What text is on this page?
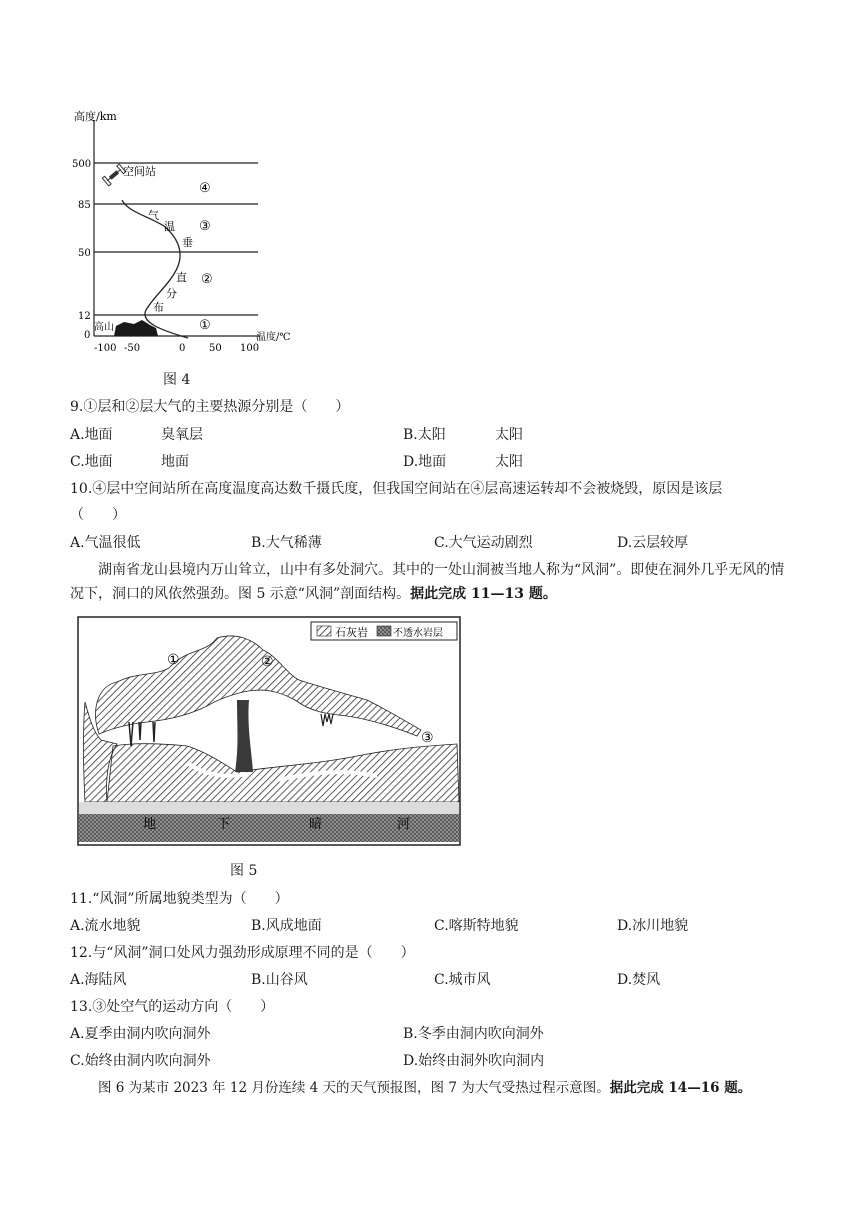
高度/km
500
85
50
12
0
空间站
④
③
②
①
气
温
垂
直
分
布
高山
-100 -50	0 50 100
温度/℃
图 4
9.①层和②层大气的主要热源分别是（　　）
A.地面	臭氧层	B.太阳	太阳
C.地面	地面	D.地面	太阳
10.④层中空间站所在高度温度高达数千摄氏度，但我国空间站在④层高速运转却不会被烧毁，原因是该层
（　　）
A.气温很低	B.大气稀薄	C.大气运动剧烈	D.云层较厚
湖南省龙山县境内万山耸立，山中有多处洞穴。其中的一处山洞被当地人称为“风洞”。即使在洞外几乎无风的情况下，洞口的风依然强劲。图 5 示意“风洞”剖面结构。据此完成 11—13 题。
石灰岩	不透水岩层
①	②
③
地	下	暗	河
图 5
11.“风洞”所属地貌类型为（　　）
A.流水地貌	B.风成地面	C.喀斯特地貌	D.冰川地貌
12.与“风洞”洞口处风力强劲形成原理不同的是（　　）
A.海陆风	B.山谷风	C.城市风	D.焚风
13.③处空气的运动方向（　　）
A.夏季由洞内吹向洞外	B.冬季由洞内吹向洞外
C.始终由洞内吹向洞外	D.始终由洞外吹向洞内
图 6 为某市 2023 年 12 月份连续 4 天的天气预报图，图 7 为大气受热过程示意图。据此完成 14—16 题。
